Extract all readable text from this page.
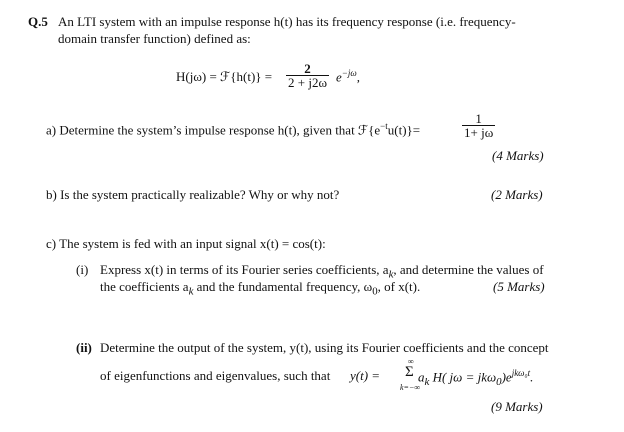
Q.5 An LTI system with an impulse response h(t) has its frequency response (i.e. frequency-
domain transfer function) defined as:
H(jω) = ℱ{h(t)} = $\frac{2}{2 + j2\omega} e^{-j\omega}$,
a) Determine the system’s impulse response h(t), given that $ℱ\{e^{-t}u(t)\}=$	$\frac{1}{1+ j\omega}$
(4 Marks)
b) Is the system practically realizable? Why or why not?	(2 Marks)
c) The system is fed with an input signal x(t) = cos(t):
(i) Express x(t) in terms of its Fourier series coefficients, $a_k$, and determine the values of
the coefficients $a_k$ and the fundamental frequency, $\omega_0$, of x(t).	(5 Marks)
(ii) Determine the output of the system, y(t), using its Fourier coefficients and the concept
of eigenfunctions and eigenvalues, such that y(t) =
∞
Σ
k=−∞
$a_k$ H( $j\omega = jk\omega_0)e^{jk\omega_0t}$.
(9 Marks)
